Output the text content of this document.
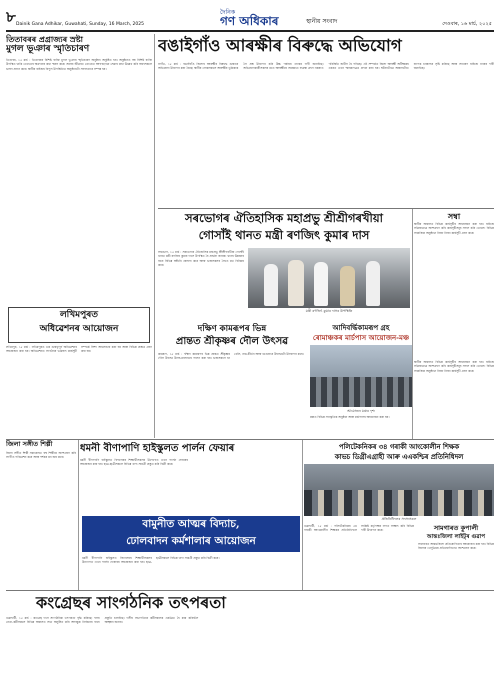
৮	দৈনিক
গণ অধিকাৰ	স্থানীয় সংবাদ
Dainik Gana Adhikar, Guwahati, Sunday, 16 March, 2025	দেওবাৰ, ১৬ মাৰ্চ, ২০২৫
তিতাবৰৰ প্ৰগ্ৰাজ্যৰ স্ৰষ্টা
মুগল ভূঞাৰ স্মৃতিচাৰণ
তিতাবৰ, ১৫ মাৰ্চ : তিতাবৰৰ বিশিষ্ট ব্যক্তি মুগল ভূঞাৰ স্মৃতিচাৰণ অনুষ্ঠান অনুষ্ঠিত হয়। অনুষ্ঠানত বহু বিশিষ্ট ব্যক্তি উপস্থিত থাকি তেখেতৰ অৱদানৰ কথা স্মৰণ কৰে। সমাজ জীৱনত তেখেতে আগবঢ়োৱা সেৱাৰ কথা উল্লেখ কৰি বক্তাসকলে ভাষণ প্ৰদান কৰে। স্থানীয় ৰাইজৰ বিপুল উপস্থিতিত অনুষ্ঠানটো সফলতাৰে সম্পন্ন হয়।
বঙাইগাঁও আৰক্ষীৰ বিৰুদ্ধে অভিযোগ
নগাঁও, ১৫ মাৰ্চ : বঙাইগাঁও জিলাৰ আৰক্ষীৰ বিৰুদ্ধে গুৰুতৰ অভিযোগ উত্থাপন কৰা হৈছে। স্থানীয় লোকসকলে আৰক্ষীৰ ভূমিকাক লৈ প্ৰশ্ন উত্থাপন কৰি উচ্চ পৰ্যায়ৰ তদন্তৰ দাবী জনাইছে। অভিযোগকাৰীসকলৰ মতে আৰক্ষীয়ে সময়মতে ব্যৱস্থা গ্ৰহণ নকৰাত পৰিস্থিতি জটিল হৈ পৰিছে। এই সম্পৰ্কত জিলা আৰক্ষী অধীক্ষকৰ ওচৰত এখন স্মাৰকপত্ৰও প্ৰদান কৰা হয়। ঘটনাটোৱে অঞ্চলটোত ব্যাপক চাঞ্চল্যৰ সৃষ্টি কৰিছে আৰু সাধাৰণ ৰাইজে ন্যায়ৰ দাবী জনাইছে।
সম্বা
স্থানীয় অঞ্চলত বিভিন্ন কাৰ্যসূচীৰ আয়োজন কৰা হয়। ৰাইজে সক্ৰিয়ভাৱে অংশগ্ৰহণ কৰি কাৰ্যসূচীসমূহ সফল কৰি তোলে। বিভিন্ন সামাজিক অনুষ্ঠানে নিজা নিজা কাৰ্যসূচী গ্ৰহণ কৰে।
সৰভোগৰ ঐতিহাসিক মহাপ্ৰভু শ্ৰীশ্ৰীগৰখীয়া
গোসাঁই থানত মন্ত্ৰী ৰণজিৎ কুমাৰ দাস
সৰভোগ, ১৫ মাৰ্চ : সৰভোগৰ ঐতিহাসিক মহাপ্ৰভু শ্ৰীশ্ৰীগৰখীয়া গোসাঁই থানত মন্ত্ৰী ৰণজিৎ কুমাৰ দাসে উপস্থিত হৈ প্ৰাৰ্থনা জনায়। থানৰ উন্নয়নৰ বাবে বিভিন্ন আঁচনি ঘোষণা কৰে আৰু ভক্তসকলৰ সৈতে মত বিনিময় কৰে।
মন্ত্ৰী ৰণজিৎ কুমাৰ দাসৰ উপস্থিতি
লখিমপুৰত
অধিৱেশনৰ আয়োজন
লখিমপুৰ, ১৫ মাৰ্চ : লখিমপুৰত এক গুৰুত্বপূৰ্ণ অধিৱেশনৰ আয়োজন কৰা হয়। অধিৱেশনত সংগঠনৰ ভৱিষ্যৎ কাৰ্যসূচী সম্পৰ্কে বিশদ আলোচনা কৰা হয় আৰু বিভিন্ন প্ৰস্তাৱ গ্ৰহণ কৰা হয়।
দক্ষিণ কামৰূপৰ ভিন্ন
প্ৰান্তত শ্ৰীকৃষ্ণৰ দৌল উৎসৱ
কামৰূপ, ১৫ মাৰ্চ : দক্ষিণ কামৰূপৰ ভিন্ন প্ৰান্তত শ্ৰীকৃষ্ণৰ দৌল উৎসৱ উলহ-মালহেৰে পালন কৰা হয়। ভক্তসকলে ৰং খেলি, নাম-কীৰ্তন আৰু ভাওনাৰে উৎসৱটো উদযাপন কৰে।
আদিবৰ্দ্ধিকামৰূপ গ্ৰহ
ৰোমাঞ্চকৰ মাৰ্চপাস আয়োজন-মঞ্চ
আয়োজন মঞ্চৰ দৃশ্য
মঞ্চত বিভিন্ন সাংস্কৃতিক অনুষ্ঠান আৰু মাৰ্চপাসৰ আয়োজন কৰা হয়।
স্থানীয় অঞ্চলত বিভিন্ন কাৰ্যসূচীৰ আয়োজন কৰা হয়। ৰাইজে সক্ৰিয়ভাৱে অংশগ্ৰহণ কৰি কাৰ্যসূচীসমূহ সফল কৰি তোলে। বিভিন্ন সামাজিক অনুষ্ঠানে নিজা নিজা কাৰ্যসূচী গ্ৰহণ কৰে।
জিলা সঙ্গীত শিল্পী
জিলা সঙ্গীত শিল্পী সমাৰোহত বহু শিল্পীয়ে অংশগ্ৰহণ কৰি সংগীত পৰিৱেশন কৰে আৰু দৰ্শকৰ মন জয় কৰে।
ধমনী বীণাপাণি হাইস্কুলত পাৰ্লন ফেয়াৰ
ধমনী বীণাপাণি হাইস্কুলত বিদ্যালয়ৰ শিক্ষাৰ্থীসকলৰ উদ্যোগত এখন পাৰ্লন ফেয়াৰৰ আয়োজন কৰা হয়। ছাত্ৰ-ছাত্ৰীসকলে বিভিন্ন খাদ্য সামগ্ৰী প্ৰস্তুত কৰি বিক্ৰী কৰে।
বামুনীত আত্মৰ বিদ্যাচ,
ঢোলবাদন কৰ্মশালাৰ আয়োজন
পলিটেকনিকৰ ৩৪ গৰাকী আংকোলীন শিক্ষক
কাভচ ডিগ্ৰীএগ্ৰাহী আৰু এএকশ্চিৰ প্ৰতিনিধিদল
প্ৰতিনিধিদলৰ সদস্যসকল
গুৱাহাটী, ১৫ মাৰ্চ : পলিটেকনিকৰ ৩৪ গৰাকী আংকোলীন শিক্ষকৰ প্ৰতিনিধিদলে সংশ্লিষ্ট কৰ্তৃপক্ষৰ লগত সাক্ষাৎ কৰি বিভিন্ন দাবী উত্থাপন কৰে।	সামগাৰত কুপালী
আন্তঃজিলা লাইট্‌ৰ গুৱাপ
সামগাৰত আন্তঃজিলা প্ৰতিযোগিতাৰ আয়োজন কৰা হয়। বিভিন্ন জিলাৰ খেলুৱৈয়ে প্ৰতিযোগিতাত অংশগ্ৰহণ কৰে।
ধমনী বীণাপাণি হাইস্কুলত বিদ্যালয়ৰ শিক্ষাৰ্থীসকলৰ উদ্যোগত এখন পাৰ্লন ফেয়াৰৰ আয়োজন কৰা হয়। ছাত্ৰ-ছাত্ৰীসকলে বিভিন্ন খাদ্য সামগ্ৰী প্ৰস্তুত কৰি বিক্ৰী কৰে।
কংগ্ৰেছৰ সাংগঠনিক তৎপৰতা
গুৱাহাটী, ১৫ মাৰ্চ : কংগ্ৰেছ দলে সাংগঠনিক তৎপৰতা বৃদ্ধি কৰিছে। দলৰ নেতা-কৰ্মীসকলে বিভিন্ন অঞ্চলত সভা অনুষ্ঠিত কৰি আগন্তুক নিৰ্বাচনৰ বাবে প্ৰস্তুতি চলাইছে। দলীয় সভাপতিয়ে কৰ্মীসকলক একত্ৰিত হৈ কাম কৰিবলৈ আহ্বান জনায়।
